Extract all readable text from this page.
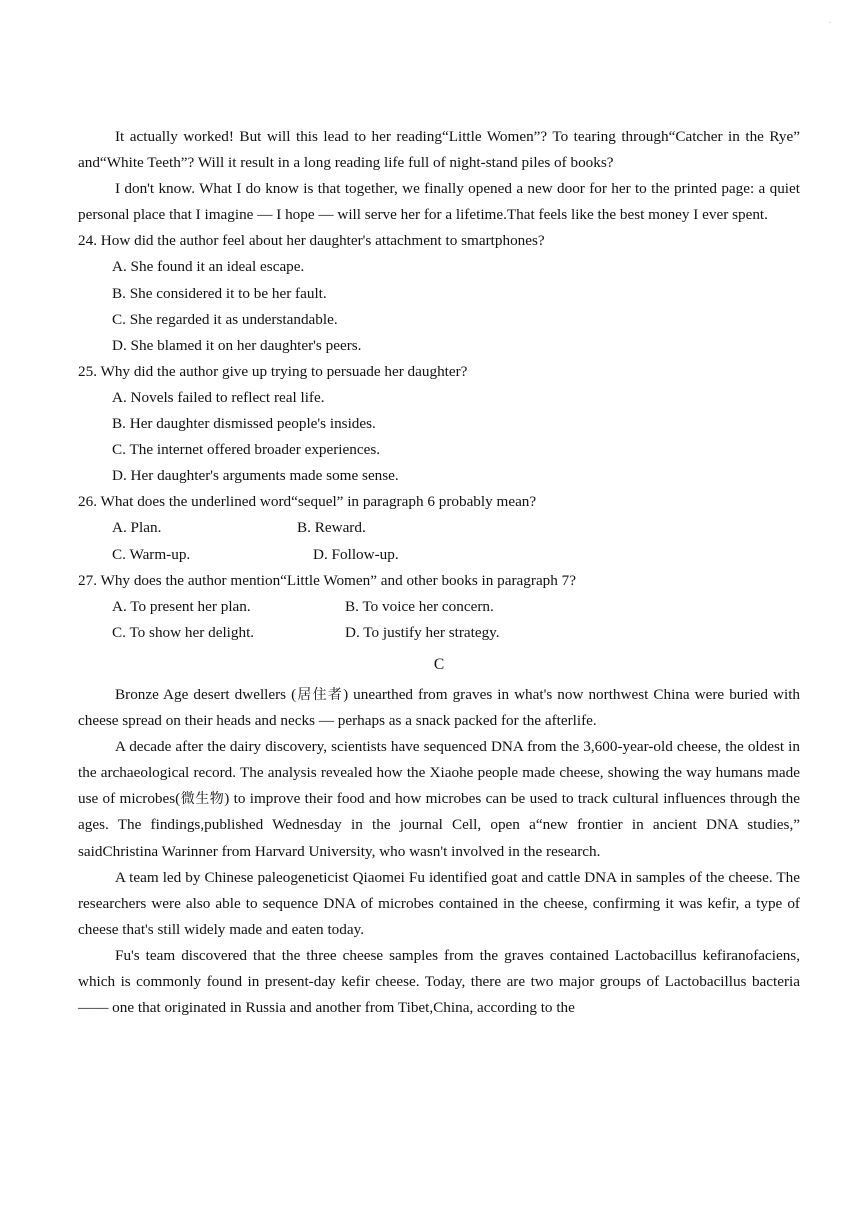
·

It actually worked! But will this lead to her reading“Little Women”? To tearing through“Catcher in the Rye” and“White Teeth”? Will it result in a long reading life full of night-stand piles of books?

I don't know. What I do know is that together, we finally opened a new door for her to the printed page: a quiet personal place that I imagine — I hope — will serve her for a lifetime.That feels like the best money I ever spent.

24. How did the author feel about her daughter's attachment to smartphones?

A. She found it an ideal escape.

B. She considered it to be her fault.

C. She regarded it as understandable.

D. She blamed it on her daughter's peers.

25. Why did the author give up trying to persuade her daughter?

A. Novels failed to reflect real life.

B. Her daughter dismissed people's insides.

C. The internet offered broader experiences.

D. Her daughter's arguments made some sense.

26. What does the underlined word“sequel” in paragraph 6 probably mean?

A. Plan.	B. Reward.
C. Warm-up.	D. Follow-up.

27. Why does the author mention“Little Women” and other books in paragraph 7?

A. To present her plan.	B. To voice her concern.
C. To show her delight.	D. To justify her strategy.

C

Bronze Age desert dwellers (居住者) unearthed from graves in what's now northwest China were buried with cheese spread on their heads and necks — perhaps as a snack packed for the afterlife.

A decade after the dairy discovery, scientists have sequenced DNA from the 3,600-year-old cheese, the oldest in the archaeological record. The analysis revealed how the Xiaohe people made cheese, showing the way humans made use of microbes(微生物) to improve their food and how microbes can be used to track cultural influences through the ages. The findings,published Wednesday in the journal Cell, open a“new frontier in ancient DNA studies,” saidChristina Warinner from Harvard University, who wasn't involved in the research.

A team led by Chinese paleogeneticist Qiaomei Fu identified goat and cattle DNA in samples of the cheese. The researchers were also able to sequence DNA of microbes contained in the cheese, confirming it was kefir, a type of cheese that's still widely made and eaten today.

Fu's team discovered that the three cheese samples from the graves contained Lactobacillus kefiranofaciens, which is commonly found in present-day kefir cheese. Today, there are two major groups of Lactobacillus bacteria —— one that originated in Russia and another from Tibet,China, according to the
